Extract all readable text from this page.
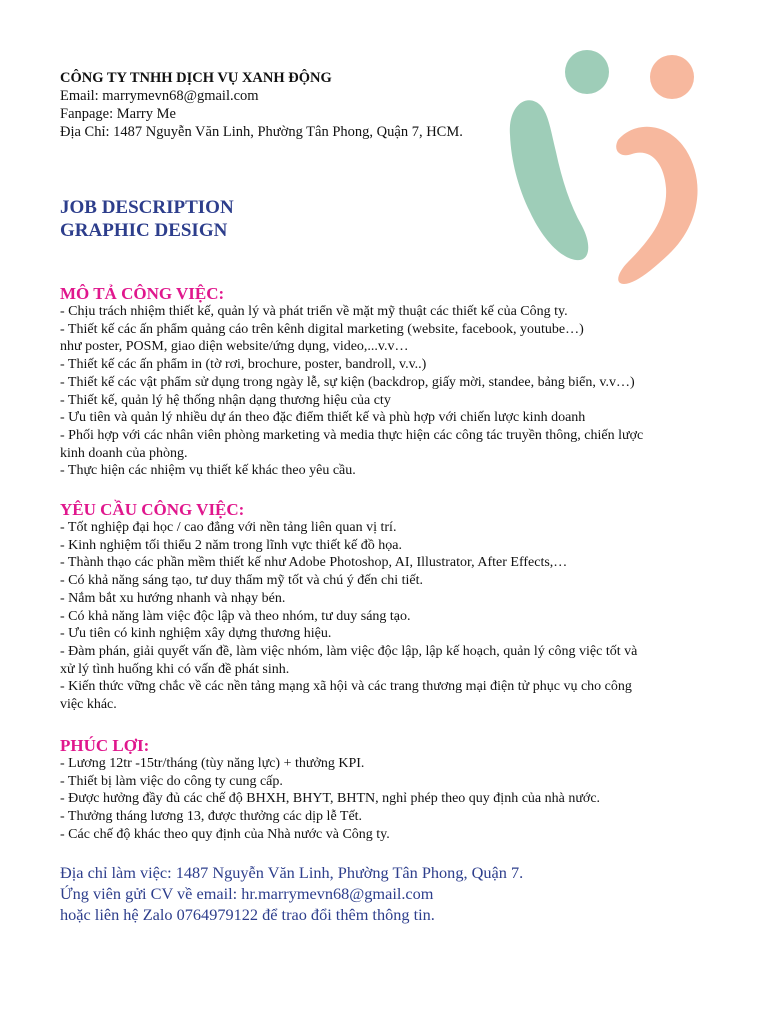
CÔNG TY TNHH DỊCH VỤ XANH ĐỘNG
Email: marrymevn68@gmail.com
Fanpage: Marry Me
Địa Chỉ: 1487 Nguyễn Văn Linh, Phường Tân Phong, Quận 7, HCM.
JOB DESCRIPTION
GRAPHIC DESIGN
MÔ TẢ CÔNG VIỆC:
- Chịu trách nhiệm thiết kế, quản lý và phát triển về mặt mỹ thuật các thiết kế của Công ty.
- Thiết kế các ấn phẩm quảng cáo trên kênh digital marketing (website, facebook, youtube…)
như poster, POSM, giao diện website/ứng dụng, video,...v.v…
- Thiết kế các ấn phẩm in (tờ rơi, brochure, poster, bandroll, v.v..)
- Thiết kế các vật phẩm sử dụng trong ngày lễ, sự kiện (backdrop, giấy mời, standee, bảng biển, v.v…)
- Thiết kế, quản lý hệ thống nhận dạng thương hiệu của cty
- Ưu tiên và quản lý nhiều dự án theo đặc điểm thiết kế và phù hợp với chiến lược kinh doanh
- Phối hợp với các nhân viên phòng marketing và media thực hiện các công tác truyền thông, chiến lược
kinh doanh của phòng.
- Thực hiện các nhiệm vụ thiết kế khác theo yêu cầu.
YÊU CẦU CÔNG VIỆC:
- Tốt nghiệp đại học / cao đẳng với nền tảng liên quan vị trí.
- Kinh nghiệm tối thiểu 2 năm trong lĩnh vực thiết kế đồ họa.
- Thành thạo các phần mềm thiết kế như Adobe Photoshop, AI, Illustrator, After Effects,…
- Có khả năng sáng tạo, tư duy thẩm mỹ tốt và chú ý đến chi tiết.
- Nắm bắt xu hướng nhanh và nhạy bén.
- Có khả năng làm việc độc lập và theo nhóm, tư duy sáng tạo.
- Ưu tiên có kinh nghiệm xây dựng thương hiệu.
- Đàm phán, giải quyết vấn đề, làm việc nhóm, làm việc độc lập, lập kế hoạch, quản lý công việc tốt và
xử lý tình huống khi có vấn đề phát sinh.
- Kiến thức vững chắc về các nền tảng mạng xã hội và các trang thương mại điện tử phục vụ cho công
việc khác.
PHÚC LỢI:
- Lương 12tr -15tr/tháng (tùy năng lực) + thưởng KPI.
- Thiết bị làm việc do công ty cung cấp.
- Được hưởng đầy đủ các chế độ BHXH, BHYT, BHTN, nghỉ phép theo quy định của nhà nước.
- Thưởng tháng lương 13, được thưởng các dịp lễ Tết.
- Các chế độ khác theo quy định của Nhà nước và Công ty.
Địa chỉ làm việc: 1487 Nguyễn Văn Linh, Phường Tân Phong, Quận 7.
Ứng viên gửi CV về email: hr.marrymevn68@gmail.com
hoặc liên hệ Zalo 0764979122 để trao đổi thêm thông tin.
